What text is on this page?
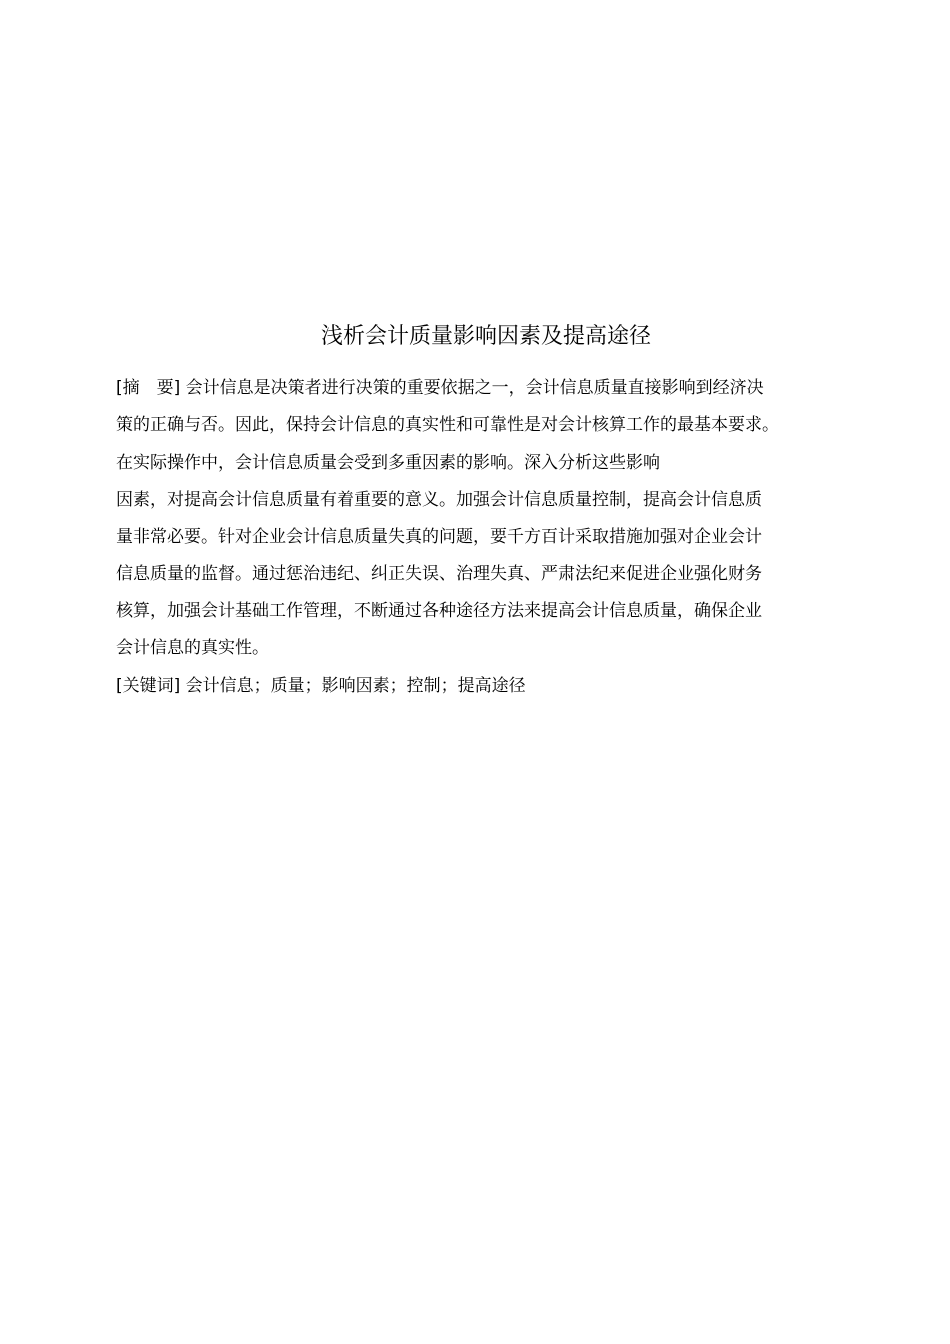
浅析会计质量影响因素及提高途径

[摘　要] 会计信息是决策者进行决策的重要依据之一，会计信息质量直接影响到经济决

策的正确与否。因此，保持会计信息的真实性和可靠性是对会计核算工作的最基本要求。

在实际操作中，会计信息质量会受到多重因素的影响。深入分析这些影响

因素，对提高会计信息质量有着重要的意义。加强会计信息质量控制，提高会计信息质

量非常必要。针对企业会计信息质量失真的问题，要千方百计采取措施加强对企业会计

信息质量的监督。通过惩治违纪、纠正失误、治理失真、严肃法纪来促进企业强化财务

核算，加强会计基础工作管理，不断通过各种途径方法来提高会计信息质量，确保企业

会计信息的真实性。

[关键词] 会计信息；质量；影响因素；控制；提高途径
